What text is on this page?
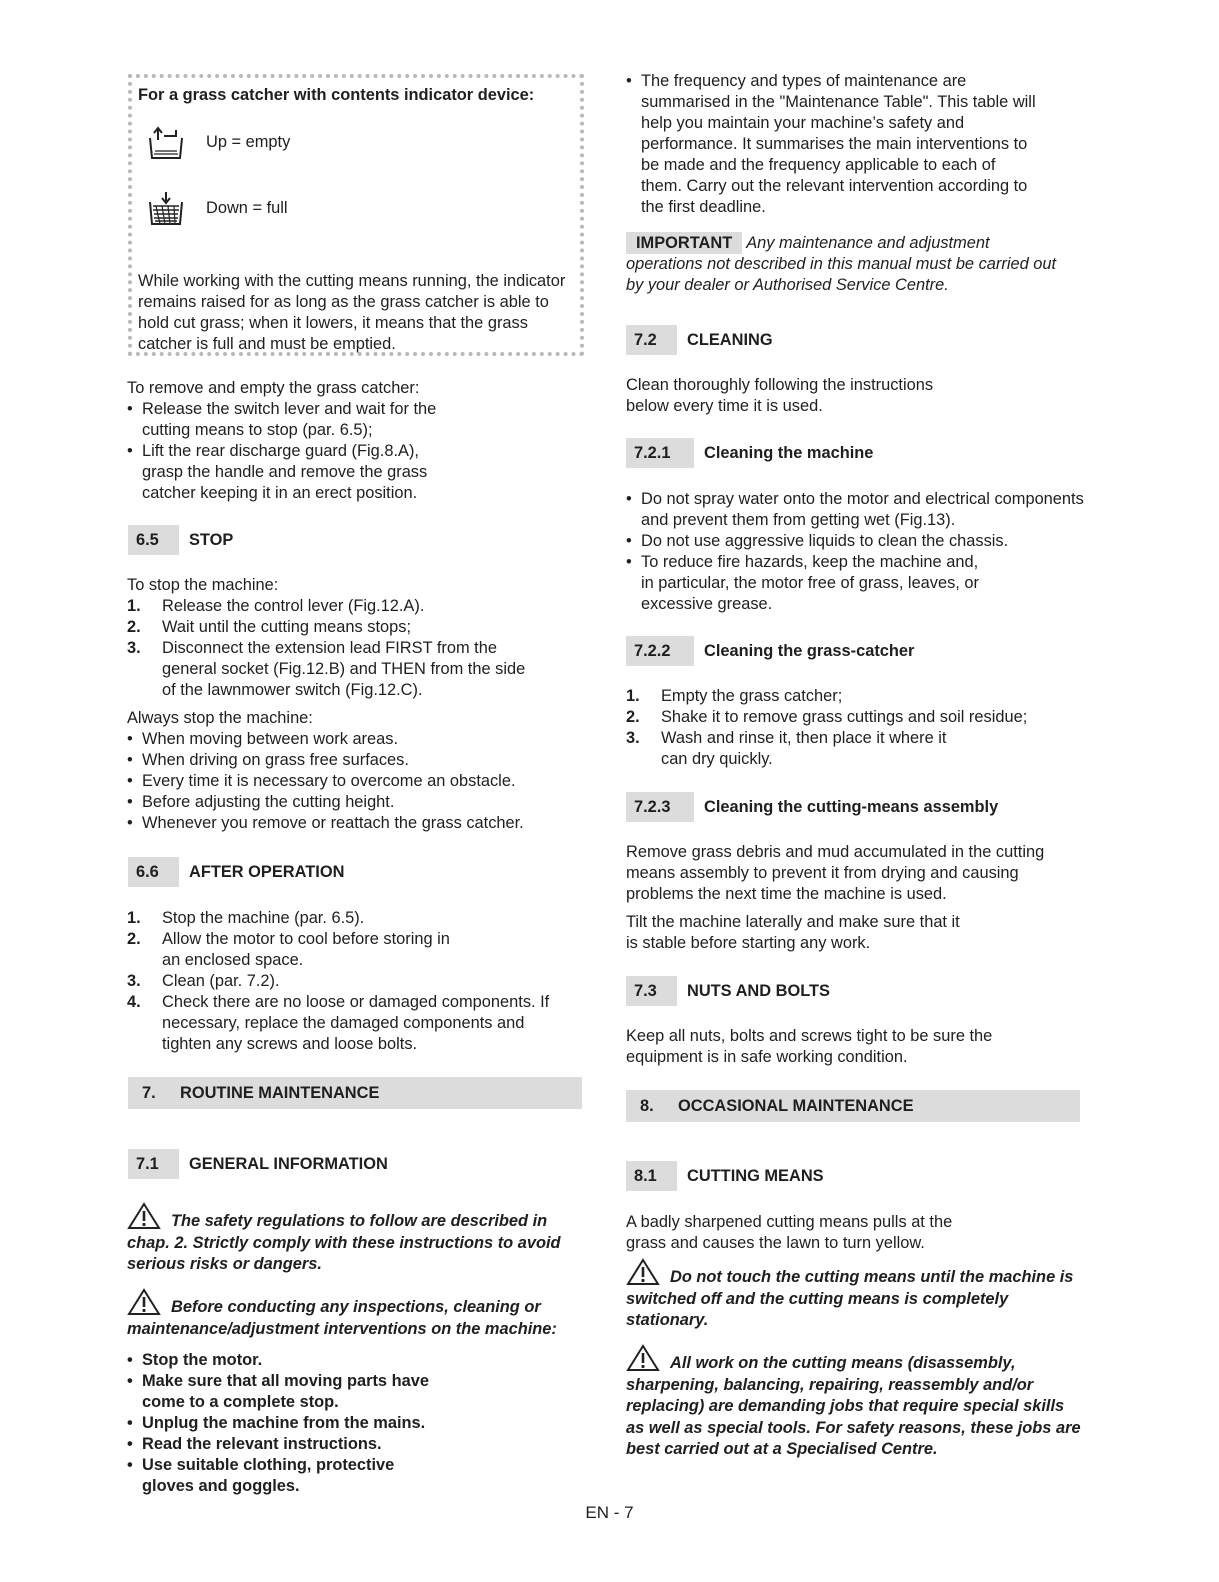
For a grass catcher with contents indicator device:
Up = empty
Down = full
While working with the cutting means running, the indicator remains raised for as long as the grass catcher is able to hold cut grass; when it lowers, it means that the grass catcher is full and must be emptied.

To remove and empty the grass catcher:

• Release the switch lever and wait for the cutting means to stop (par. 6.5);
• Lift the rear discharge guard (Fig.8.A), grasp the handle and remove the grass catcher keeping it in an erect position.
6.5	STOP

To stop the machine:

1. Release the control lever (Fig.12.A).
2. Wait until the cutting means stops;
3. Disconnect the extension lead FIRST from the general socket (Fig.12.B) and THEN from the side of the lawnmower switch (Fig.12.C).

Always stop the machine:

• When moving between work areas.
• When driving on grass free surfaces.
• Every time it is necessary to overcome an obstacle.
• Before adjusting the cutting height.
• Whenever you remove or reattach the grass catcher.
6.6	AFTER OPERATION
1. Stop the machine (par. 6.5).
2. Allow the motor to cool before storing in an enclosed space.
3. Clean (par. 7.2).
4. Check there are no loose or damaged components. If necessary, replace the damaged components and tighten any screws and loose bolts.
7.	ROUTINE MAINTENANCE
7.1	GENERAL INFORMATION
The safety regulations to follow are described in chap. 2. Strictly comply with these instructions to avoid serious risks or dangers.
Before conducting any inspections, cleaning or maintenance/adjustment interventions on the machine:
• Stop the motor.
• Make sure that all moving parts have come to a complete stop.
• Unplug the machine from the mains.
• Read the relevant instructions.
• Use suitable clothing, protective gloves and goggles.
• The frequency and types of maintenance are summarised in the "Maintenance Table". This table will help you maintain your machine’s safety and performance. It summarises the main interventions to be made and the frequency applicable to each of them. Carry out the relevant intervention according to the first deadline.
IMPORTANT Any maintenance and adjustment operations not described in this manual must be carried out by your dealer or Authorised Service Centre.
7.2	CLEANING

Clean thoroughly following the instructions below every time it is used.

7.2.1	Cleaning the machine
• Do not spray water onto the motor and electrical components and prevent them from getting wet (Fig.13).
• Do not use aggressive liquids to clean the chassis.
• To reduce fire hazards, keep the machine and, in particular, the motor free of grass, leaves, or excessive grease.
7.2.2	Cleaning the grass-catcher
1. Empty the grass catcher;
2. Shake it to remove grass cuttings and soil residue;
3. Wash and rinse it, then place it where it can dry quickly.
7.2.3	Cleaning the cutting-means assembly

Remove grass debris and mud accumulated in the cutting means assembly to prevent it from drying and causing problems the next time the machine is used.

Tilt the machine laterally and make sure that it is stable before starting any work.

7.3	NUTS AND BOLTS

Keep all nuts, bolts and screws tight to be sure the equipment is in safe working condition.

8.	OCCASIONAL MAINTENANCE
8.1	CUTTING MEANS

A badly sharpened cutting means pulls at the grass and causes the lawn to turn yellow.

Do not touch the cutting means until the machine is switched off and the cutting means is completely stationary.
All work on the cutting means (disassembly, sharpening, balancing, repairing, reassembly and/or replacing) are demanding jobs that require special skills as well as special tools. For safety reasons, these jobs are best carried out at a Specialised Centre.
EN - 7
